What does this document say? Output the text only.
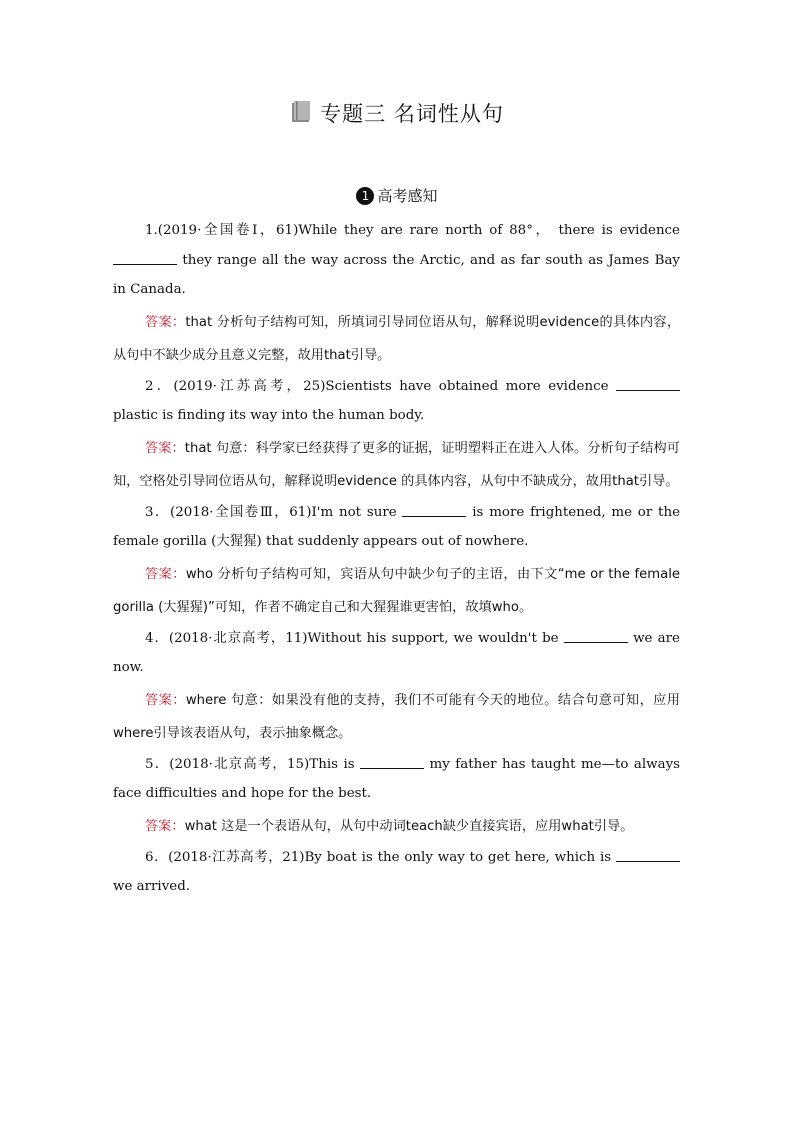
专题三 名词性从句
1 高考感知

1.(2019·全国卷Ⅰ，61)While they are rare north of 88°， there is evidence  they range all the way across the Arctic, and as far south as James Bay in Canada.

答案：that 分析句子结构可知，所填词引导同位语从句，解释说明evidence的具体内容，从句中不缺少成分且意义完整，故用that引导。

2．(2019·江苏高考，25)Scientists have obtained more evidence  plastic is finding its way into the human body.

答案：that 句意：科学家已经获得了更多的证据，证明塑料正在进入人体。分析句子结构可知，空格处引导同位语从句，解释说明evidence 的具体内容，从句中不缺成分，故用that引导。

3．(2018·全国卷Ⅲ，61)I'm not sure	is more frightened, me or the female gorilla (大猩猩) that suddenly appears out of nowhere.

答案：who 分析句子结构可知，宾语从句中缺少句子的主语，由下文“me or the female gorilla (大猩猩)”可知，作者不确定自己和大猩猩谁更害怕，故填who。

4．(2018·北京高考，11)Without his support, we wouldn't be	we are now.

答案：where 句意：如果没有他的支持，我们不可能有今天的地位。结合句意可知，应用where引导该表语从句，表示抽象概念。

5．(2018·北京高考，15)This is	my father has taught me—to always face difficulties and hope for the best.

答案：what 这是一个表语从句，从句中动词teach缺少直接宾语，应用what引导。

6．(2018·江苏高考，21)By boat is the only way to get here, which is  we arrived.
